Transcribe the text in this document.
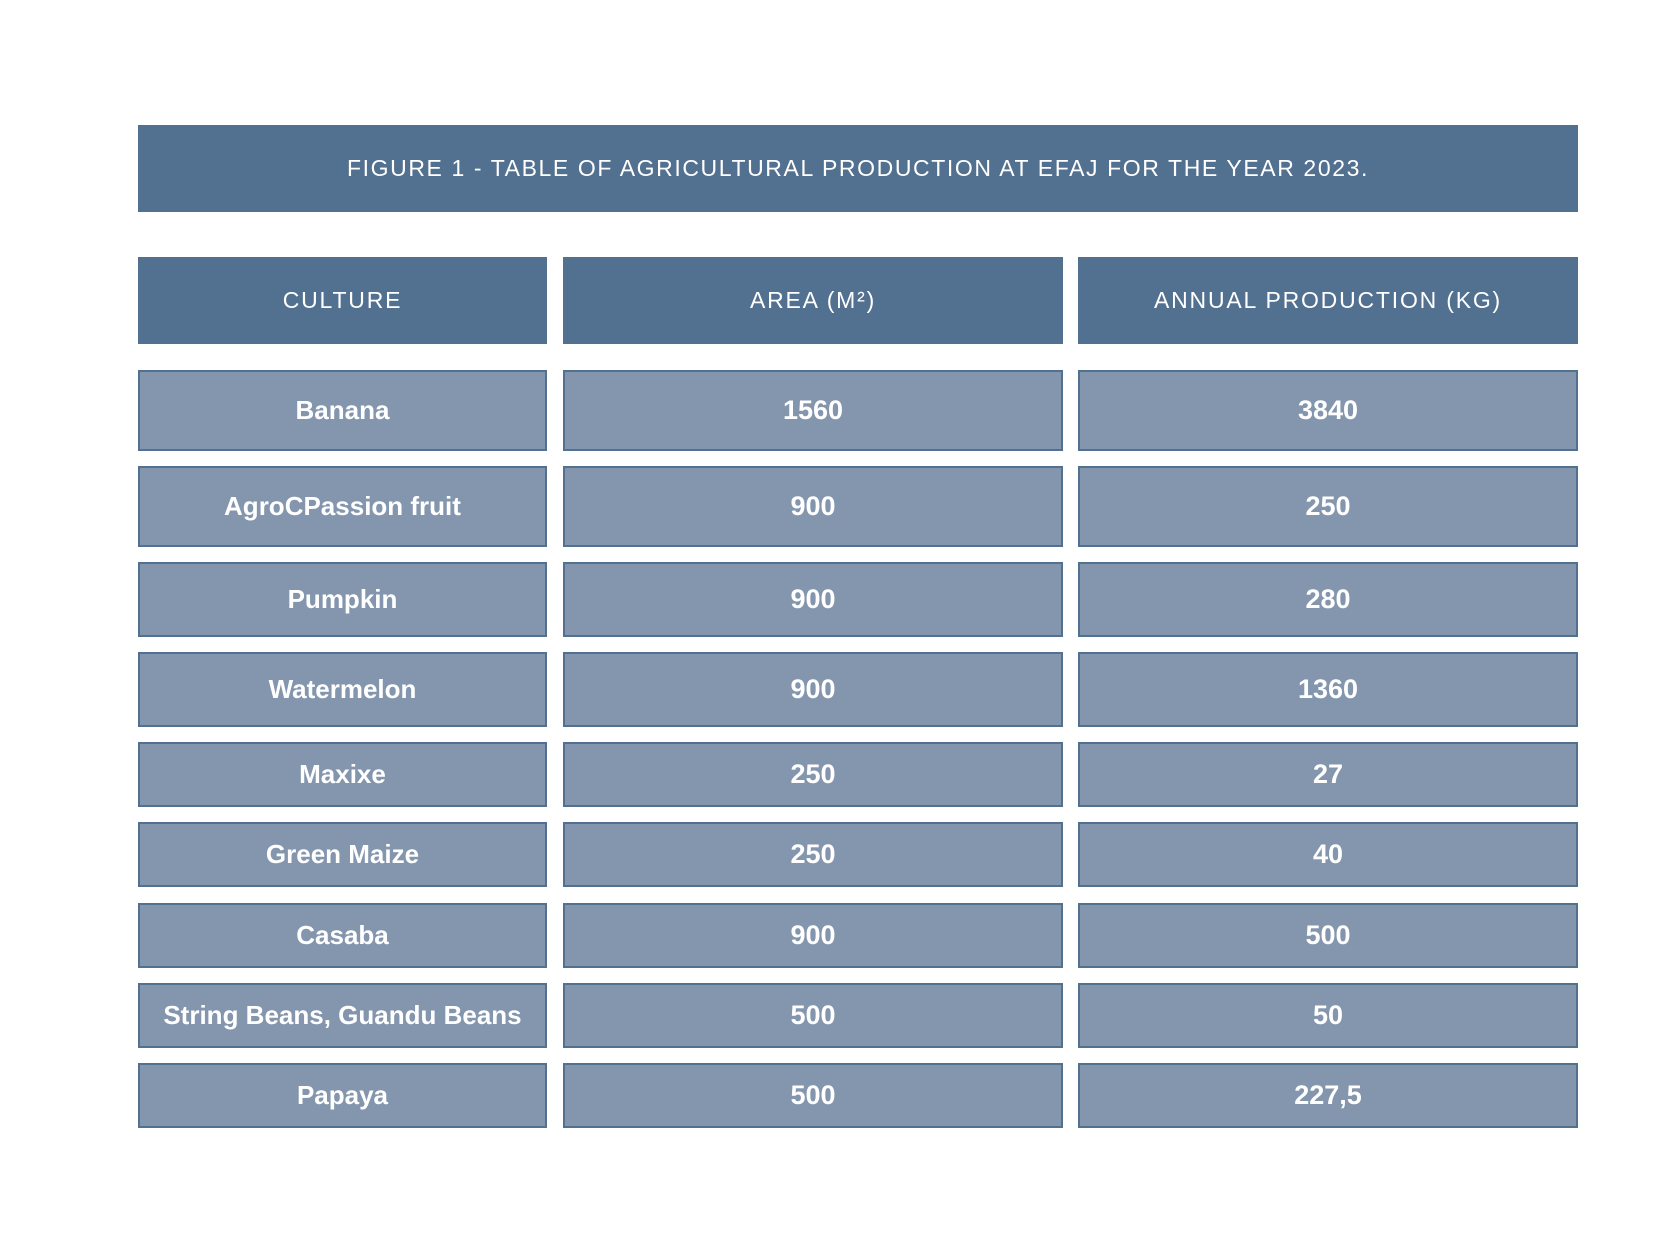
FIGURE 1 - TABLE OF AGRICULTURAL PRODUCTION AT EFAJ FOR THE YEAR 2023.
CULTURE	AREA (M²)	ANNUAL PRODUCTION (KG)
Banana	1560	3840
AgroCPassion fruit	900	250
Pumpkin	900	280
Watermelon	900	1360
Maxixe	250	27
Green Maize	250	40
Casaba	900	500
String Beans, Guandu Beans	500	50
Papaya	500	227,5
